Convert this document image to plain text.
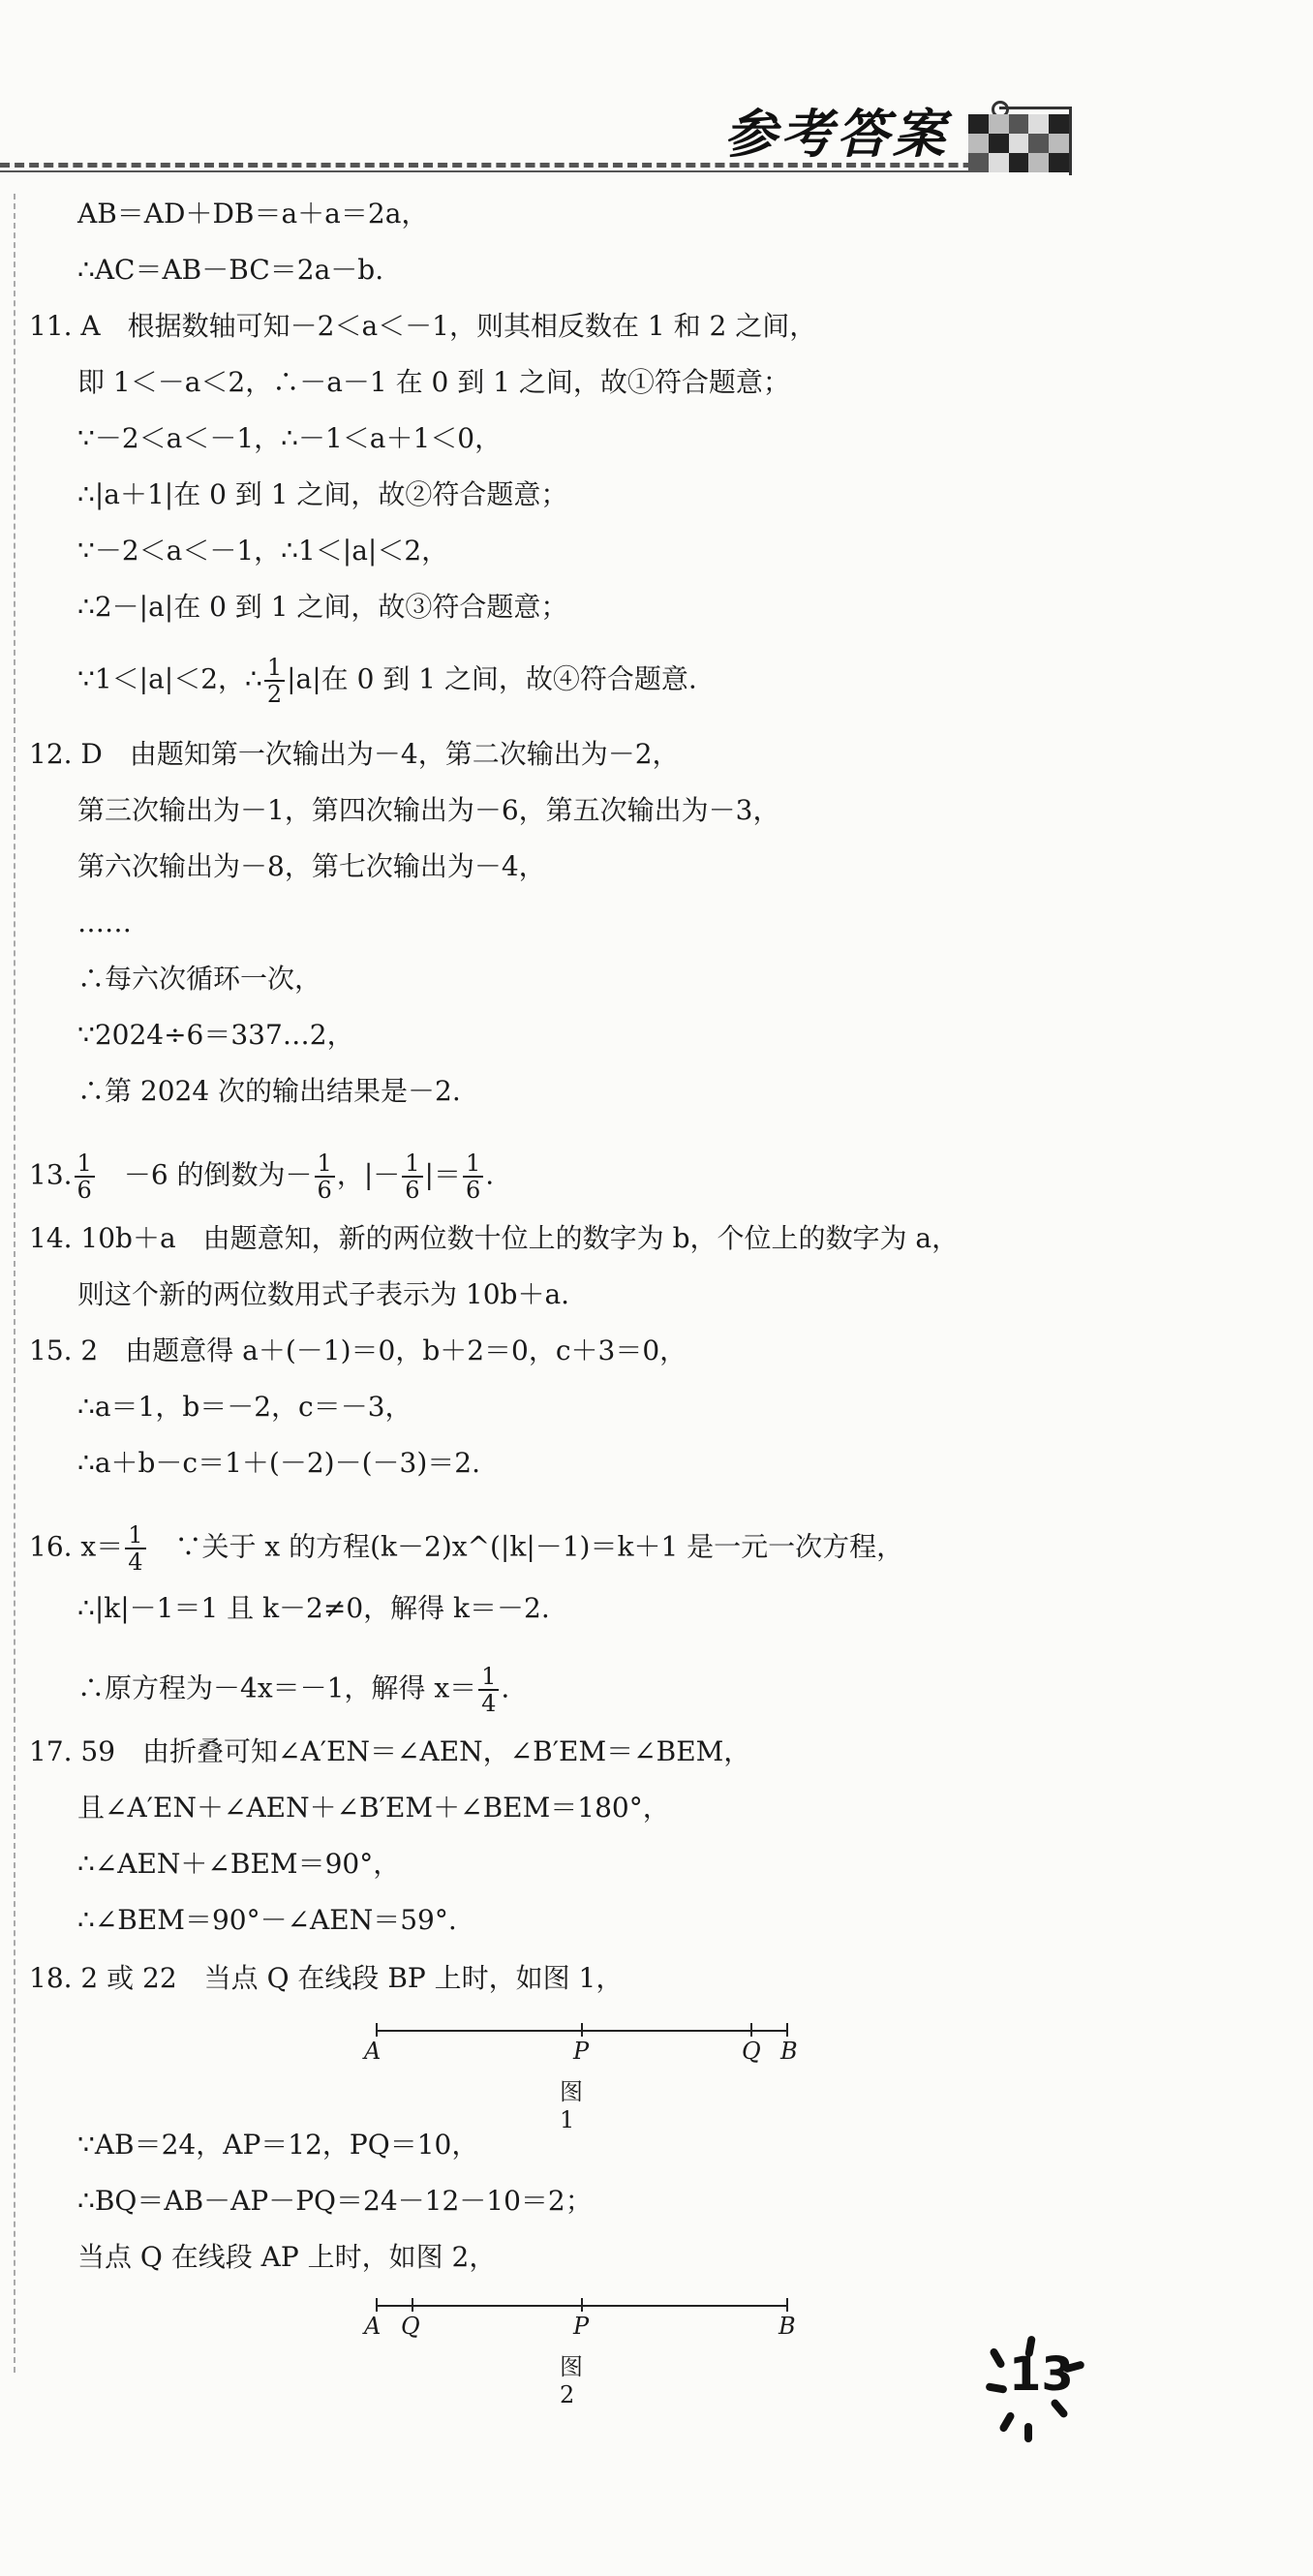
参考答案
AB＝AD＋DB＝a＋a＝2a，
∴AC＝AB－BC＝2a－b.
11. A　根据数轴可知－2＜a＜－1，则其相反数在 1 和 2 之间，
即 1＜－a＜2，∴－a－1 在 0 到 1 之间，故①符合题意；
∵－2＜a＜－1，∴－1＜a＋1＜0，
∴|a＋1|在 0 到 1 之间，故②符合题意；
∵－2＜a＜－1，∴1＜|a|＜2，
∴2－|a|在 0 到 1 之间，故③符合题意；
∵1＜|a|＜2，∴ $\frac{1}{2} |a|$在 0 到 1 之间，故④符合题意.
12. D　由题知第一次输出为－4，第二次输出为－2，
第三次输出为－1，第四次输出为－6，第五次输出为－3，
第六次输出为－8，第七次输出为－4，
……
∴每六次循环一次，
∵2024÷6＝337…2，
∴第 2024 次的输出结果是－2.
13. $\frac{1}{6}$ 　－6 的倒数为－ $\frac{1}{6}$ ，|－ $\frac{1}{6}$ |＝ $\frac{1}{6}$ .
14. 10b＋a　由题意知，新的两位数十位上的数字为 b，个位上的数字为 a，
则这个新的两位数用式子表示为 10b＋a.
15. 2　由题意得 a＋(－1)＝0，b＋2＝0，c＋3＝0，
∴a＝1，b＝－2，c＝－3，
∴a＋b－c＝1＋(－2)－(－3)＝2.
16. $x= \frac{1}{4}$ 　∵关于 x 的方程(k－2)x^(|k|－1)＝k＋1 是一元一次方程，
∴|k|－1＝1 且 k－2≠0，解得 k＝－2.
∴原方程为－4x＝－1，解得 $x= \frac{1}{4}$ .
17. 59　由折叠可知∠A′EN＝∠AEN，∠B′EM＝∠BEM，
且∠A′EN＋∠AEN＋∠B′EM＋∠BEM＝180°，
∴∠AEN＋∠BEM＝90°，
∴∠BEM＝90°－∠AEN＝59°.
18. 2 或 22　当点 Q 在线段 BP 上时，如图 1，
A	P	Q B
图 1
∵AB＝24，AP＝12，PQ＝10，
∴BQ＝AB－AP－PQ＝24－12－10＝2；
当点 Q 在线段 AP 上时，如图 2，
A Q	P	B
图 2	13
